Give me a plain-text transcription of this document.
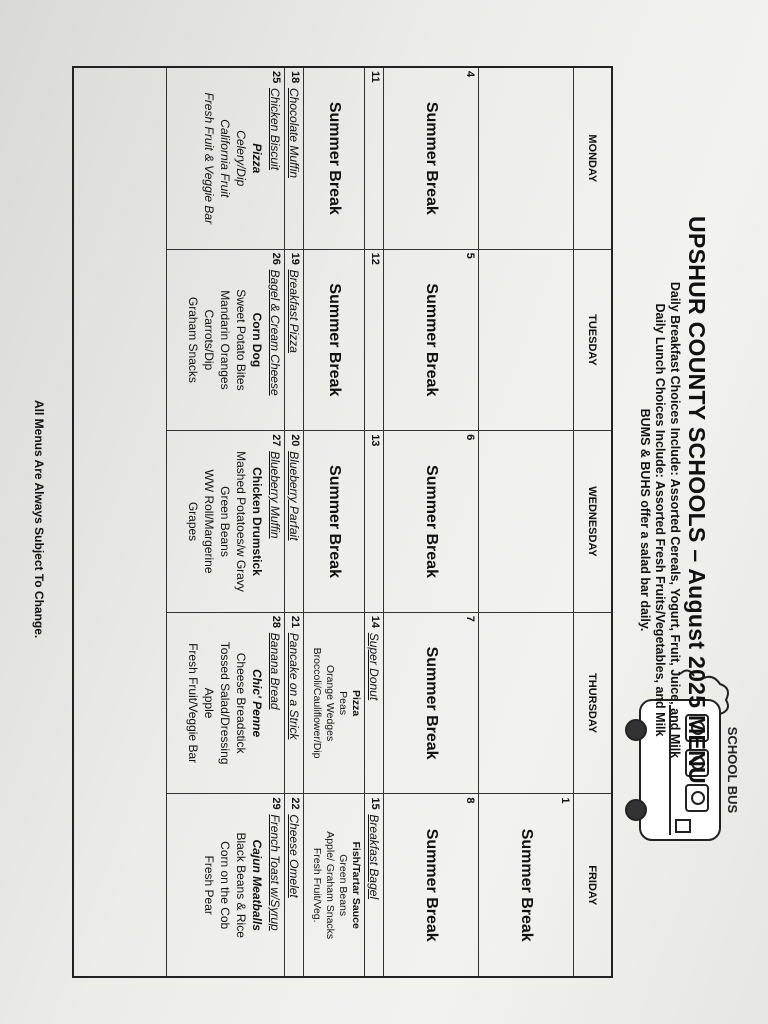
SCHOOL BUS
UPSHUR COUNTY SCHOOLS – August 2025 MENU
Daily Breakfast Choices Include: Assorted Cereals, Yogurt, Fruit, Juice, and Milk
Daily Lunch Choices Include: Assorted Fresh Fruits/Vegetables, and Milk
BUMS & BUHS offer a salad bar daily.
MONDAY
TUESDAY
WEDNESDAY
THURSDAY
FRIDAY
1
Summer Break
4
Summer Break
5
Summer Break
6
Summer Break
7
Summer Break
8
Summer Break
11
12
13
14
Super Donut
15
Breakfast Bagel
Summer Break
Summer Break
Summer Break
Pizza
Peas
Orange Wedges
Broccoli/Cauliflower/Dip
Fish/Tartar Sauce
Green Beans
Apple/ Graham Snacks
Fresh Fruit/Veg.
18
Chocolate Muffin
19
Breakfast Pizza
20
Blueberry Parfait
21
Pancake on a Strick
22
Cheese Omelet
25
Chicken Biscuit
Pizza
Celery/Dip
California Fruit
Fresh Fruit & Veggie Bar
26
Bagel & Cream Cheese
Corn Dog
Sweet Potato Bites
Mandarin Oranges
Carrots/Dip
Graham Snacks
27
Blueberry Muffin
Chicken Drumstick
Mashed Potatoes/w Gravy
Green Beans
WW Roll/Margerine
Grapes
28
Banana Bread
Chic' Penne
Cheese Breadstick
Tossed Salad/Dressing
Apple
Fresh Fruit/Veggie Bar
29
French Toast w/Syrup
Cajun Meatballs
Black Beans & Rice
Corn on the Cob
Fresh Pear
All Menus Are Always Subject To Change.
